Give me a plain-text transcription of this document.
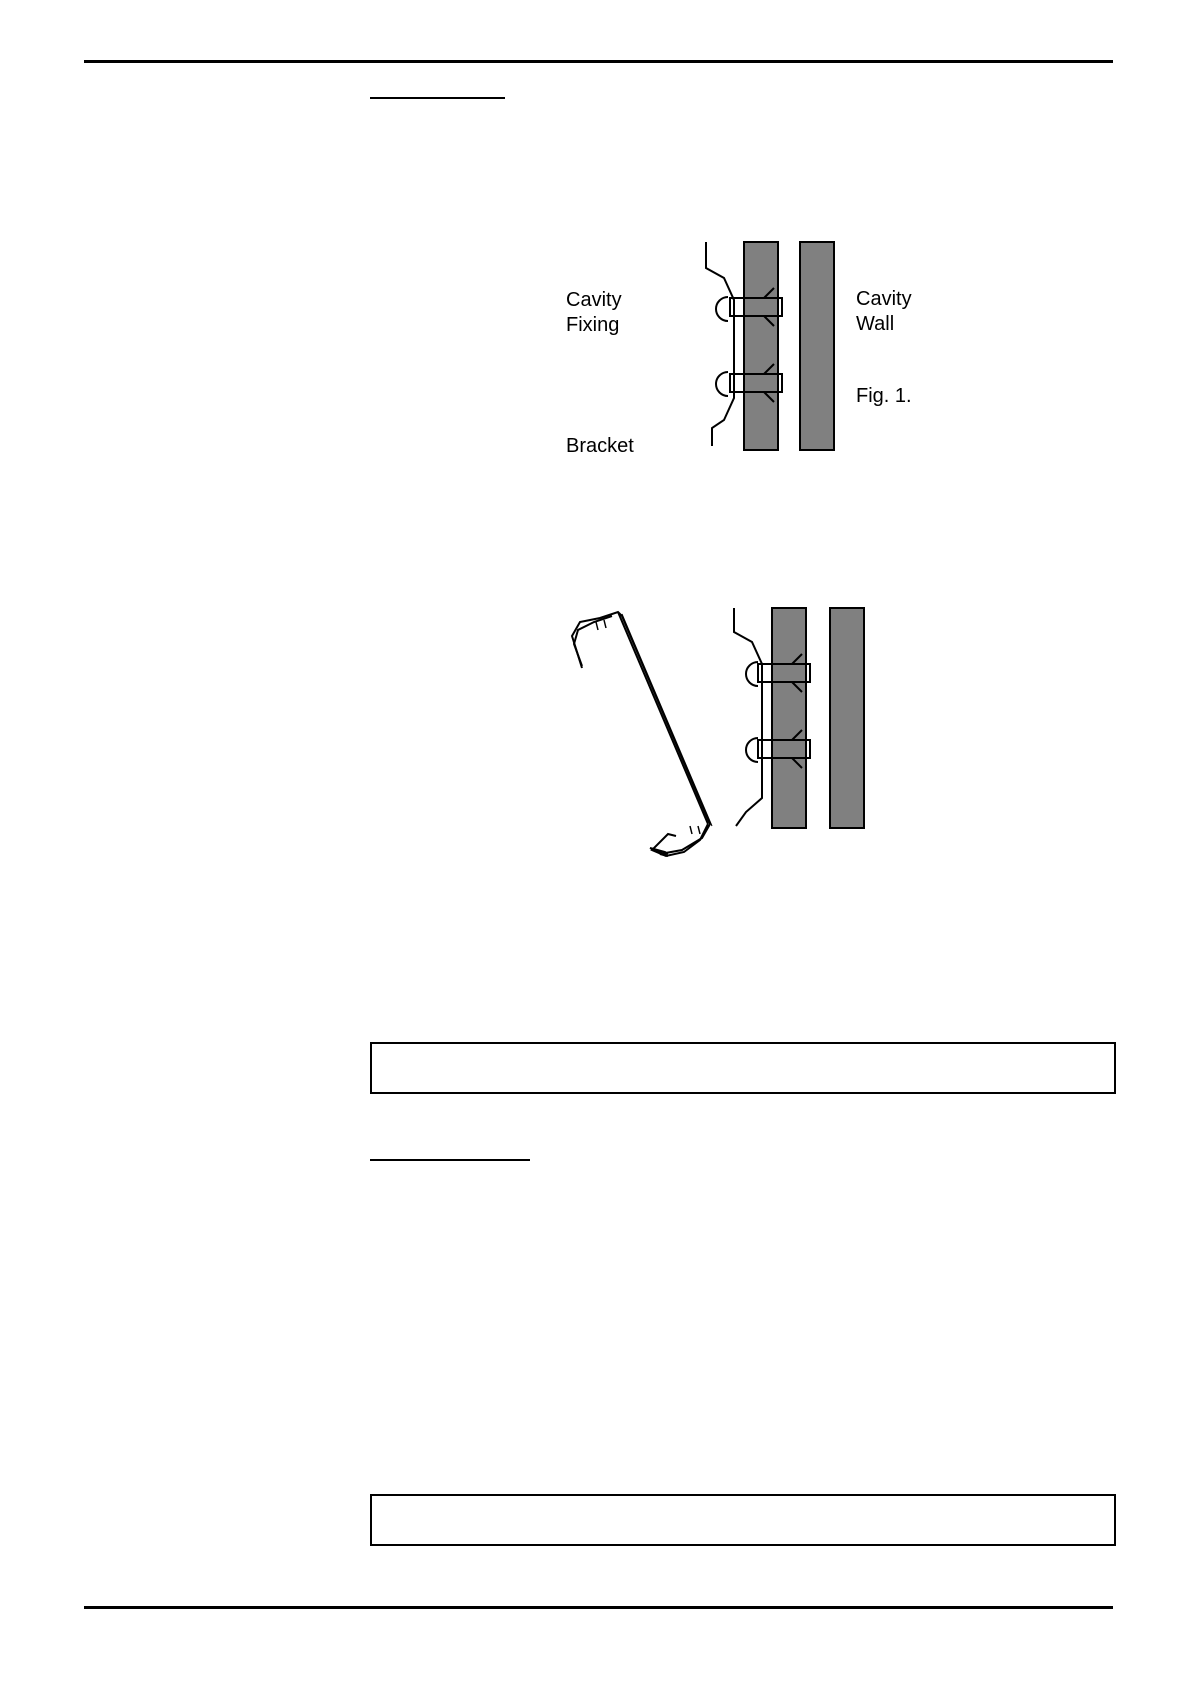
Cavity
Fixing
Cavity
Wall
Fig. 1.
Bracket
